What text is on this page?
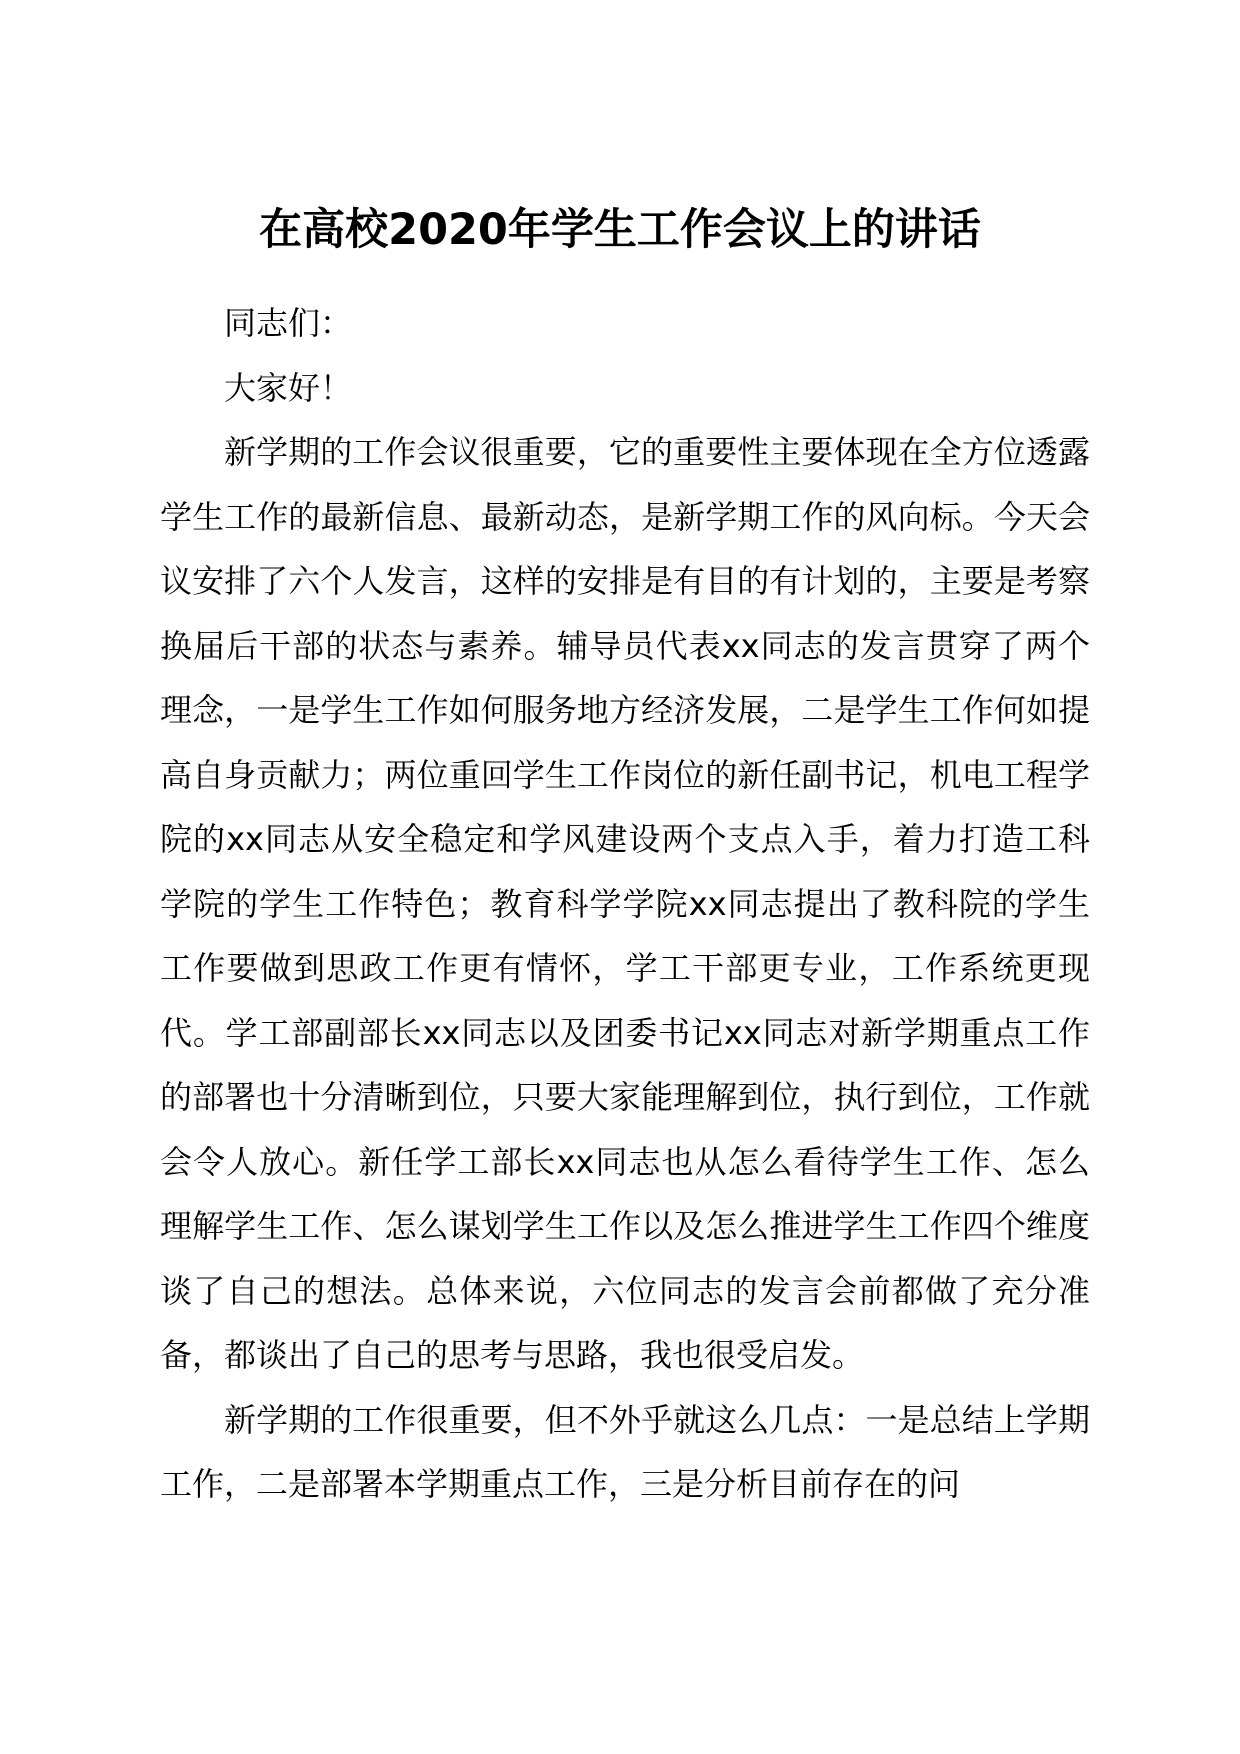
在高校2020年学生工作会议上的讲话

同志们：

大家好！

新学期的工作会议很重要，它的重要性主要体现在全方位透露学生工作的最新信息、最新动态，是新学期工作的风向标。今天会议安排了六个人发言，这样的安排是有目的有计划的，主要是考察换届后干部的状态与素养。辅导员代表xx同志的发言贯穿了两个理念，一是学生工作如何服务地方经济发展，二是学生工作何如提高自身贡献力；两位重回学生工作岗位的新任副书记，机电工程学院的xx同志从安全稳定和学风建设两个支点入手，着力打造工科学院的学生工作特色；教育科学学院xx同志提出了教科院的学生工作要做到思政工作更有情怀，学工干部更专业，工作系统更现代。学工部副部长xx同志以及团委书记xx同志对新学期重点工作的部署也十分清晰到位，只要大家能理解到位，执行到位，工作就会令人放心。新任学工部长xx同志也从怎么看待学生工作、怎么理解学生工作、怎么谋划学生工作以及怎么推进学生工作四个维度谈了自己的想法。总体来说，六位同志的发言会前都做了充分准备，都谈出了自己的思考与思路，我也很受启发。

新学期的工作很重要，但不外乎就这么几点：一是总结上学期工作，二是部署本学期重点工作，三是分析目前存在的问
